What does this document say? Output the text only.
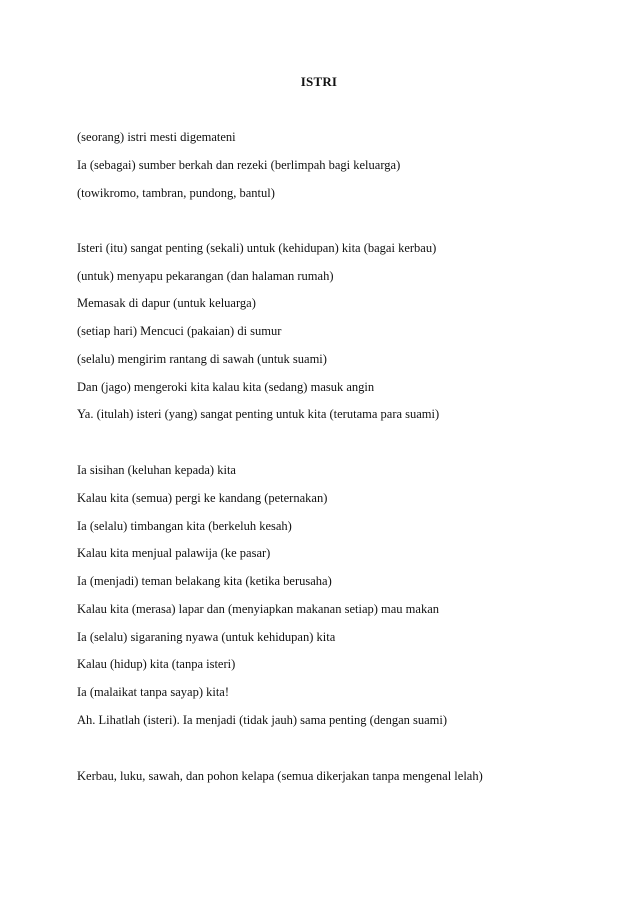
ISTRI
(seorang) istri mesti digemateni
Ia (sebagai) sumber berkah dan rezeki (berlimpah bagi keluarga)
(towikromo, tambran, pundong, bantul)
Isteri (itu) sangat penting (sekali) untuk (kehidupan) kita (bagai kerbau)
(untuk) menyapu pekarangan (dan halaman rumah)
Memasak di dapur (untuk keluarga)
(setiap hari) Mencuci (pakaian) di sumur
(selalu) mengirim rantang di sawah (untuk suami)
Dan (jago) mengeroki kita kalau kita (sedang) masuk angin
Ya. (itulah) isteri (yang) sangat penting untuk kita (terutama para suami)
Ia sisihan (keluhan kepada) kita
Kalau kita (semua) pergi ke kandang (peternakan)
Ia (selalu) timbangan kita (berkeluh kesah)
Kalau kita menjual palawija (ke pasar)
Ia (menjadi) teman belakang kita (ketika berusaha)
Kalau kita (merasa) lapar dan (menyiapkan makanan setiap) mau makan
Ia (selalu) sigaraning nyawa (untuk kehidupan) kita
Kalau (hidup) kita (tanpa isteri)
Ia (malaikat tanpa sayap) kita!
Ah. Lihatlah (isteri). Ia menjadi (tidak jauh) sama penting (dengan suami)
Kerbau, luku, sawah, dan pohon kelapa (semua dikerjakan tanpa mengenal lelah)
